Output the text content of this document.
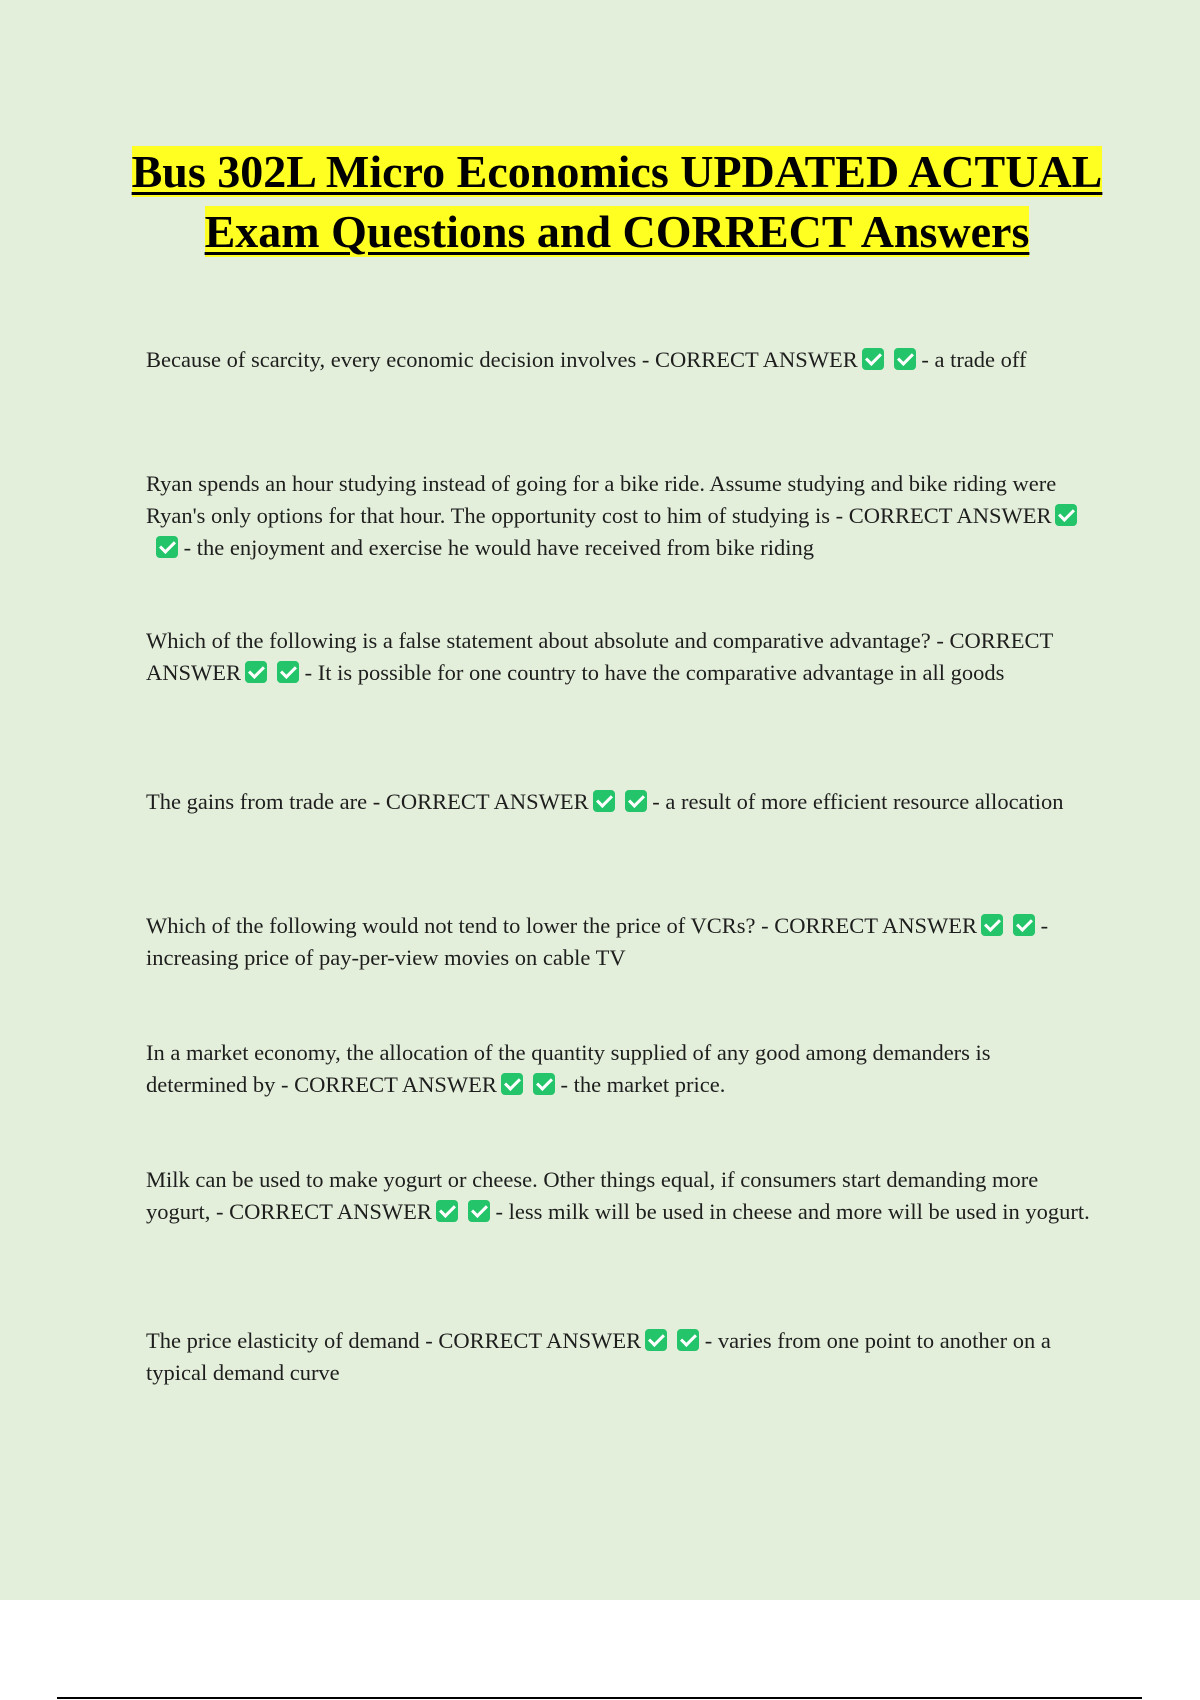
Bus 302L Micro Economics UPDATED ACTUAL Exam Questions and CORRECT Answers
Because of scarcity, every economic decision involves - CORRECT ANSWER	- a trade off
Ryan spends an hour studying instead of going for a bike ride. Assume studying and bike riding were Ryan's only options for that hour. The opportunity cost to him of studying is - CORRECT ANSWER - the enjoyment and exercise he would have received from bike riding
Which of the following is a false statement about absolute and comparative advantage? - CORRECT ANSWER	- It is possible for one country to have the comparative advantage in all goods
The gains from trade are - CORRECT ANSWER	- a result of more efficient resource allocation
Which of the following would not tend to lower the price of VCRs? - CORRECT ANSWER	- increasing price of pay-per-view movies on cable TV
In a market economy, the allocation of the quantity supplied of any good among demanders is determined by - CORRECT ANSWER	- the market price.
Milk can be used to make yogurt or cheese. Other things equal, if consumers start demanding more yogurt, - CORRECT ANSWER	- less milk will be used in cheese and more will be used in yogurt.
The price elasticity of demand - CORRECT ANSWER	- varies from one point to another on a typical demand curve
